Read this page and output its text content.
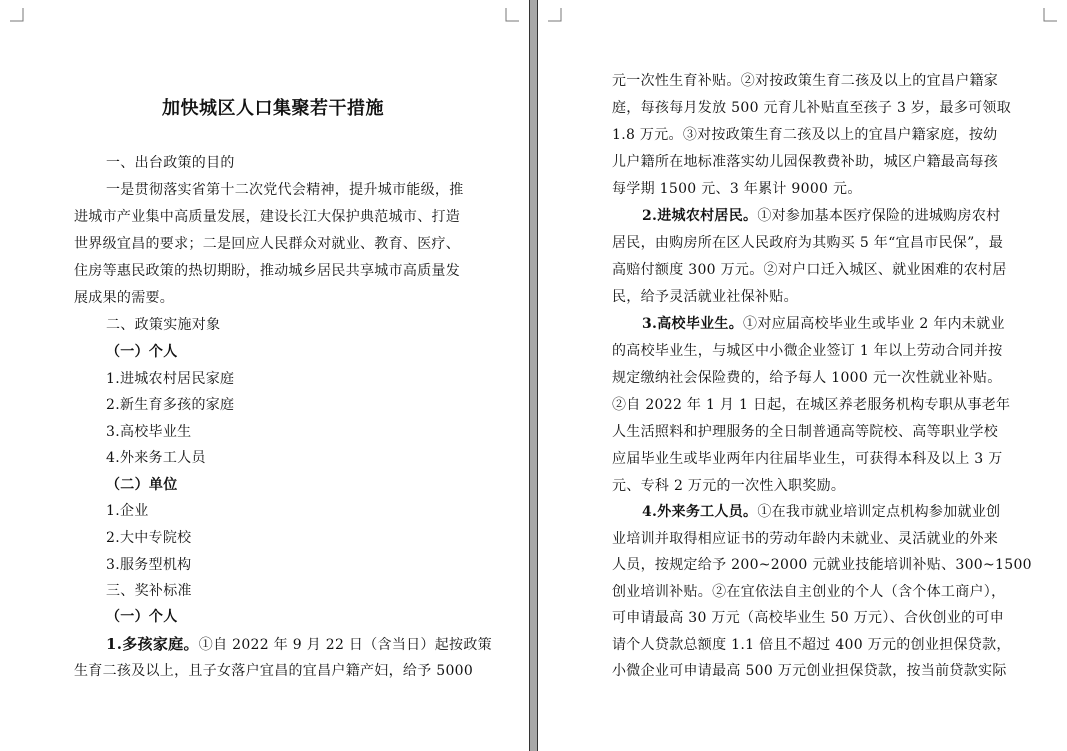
加快城区人口集聚若干措施
一、出台政策的目的
一是贯彻落实省第十二次党代会精神，提升城市能级，推
进城市产业集中高质量发展，建设长江大保护典范城市、打造
世界级宜昌的要求；二是回应人民群众对就业、教育、医疗、
住房等惠民政策的热切期盼，推动城乡居民共享城市高质量发
展成果的需要。
二、政策实施对象
（一）个人
1.进城农村居民家庭
2.新生育多孩的家庭
3.高校毕业生
4.外来务工人员
（二）单位
1.企业
2.大中专院校
3.服务型机构
三、奖补标准
（一）个人
1.多孩家庭。①自 2022 年 9 月 22 日（含当日）起按政策
生育二孩及以上，且子女落户宜昌的宜昌户籍产妇，给予 5000
元一次性生育补贴。②对按政策生育二孩及以上的宜昌户籍家
庭，每孩每月发放 500 元育儿补贴直至孩子 3 岁，最多可领取
1.8 万元。③对按政策生育二孩及以上的宜昌户籍家庭，按幼
儿户籍所在地标准落实幼儿园保教费补助，城区户籍最高每孩
每学期 1500 元、3 年累计 9000 元。
2.进城农村居民。①对参加基本医疗保险的进城购房农村
居民，由购房所在区人民政府为其购买 5 年“宜昌市民保”，最
高赔付额度 300 万元。②对户口迁入城区、就业困难的农村居
民，给予灵活就业社保补贴。
3.高校毕业生。①对应届高校毕业生或毕业 2 年内未就业
的高校毕业生，与城区中小微企业签订 1 年以上劳动合同并按
规定缴纳社会保险费的，给予每人 1000 元一次性就业补贴。
②自 2022 年 1 月 1 日起，在城区养老服务机构专职从事老年
人生活照料和护理服务的全日制普通高等院校、高等职业学校
应届毕业生或毕业两年内往届毕业生，可获得本科及以上 3 万
元、专科 2 万元的一次性入职奖励。
4.外来务工人员。①在我市就业培训定点机构参加就业创
业培训并取得相应证书的劳动年龄内未就业、灵活就业的外来
人员，按规定给予 200~2000 元就业技能培训补贴、300~1500
创业培训补贴。②在宜依法自主创业的个人（含个体工商户），
可申请最高 30 万元（高校毕业生 50 万元）、合伙创业的可申
请个人贷款总额度 1.1 倍且不超过 400 万元的创业担保贷款，
小微企业可申请最高 500 万元创业担保贷款，按当前贷款实际
